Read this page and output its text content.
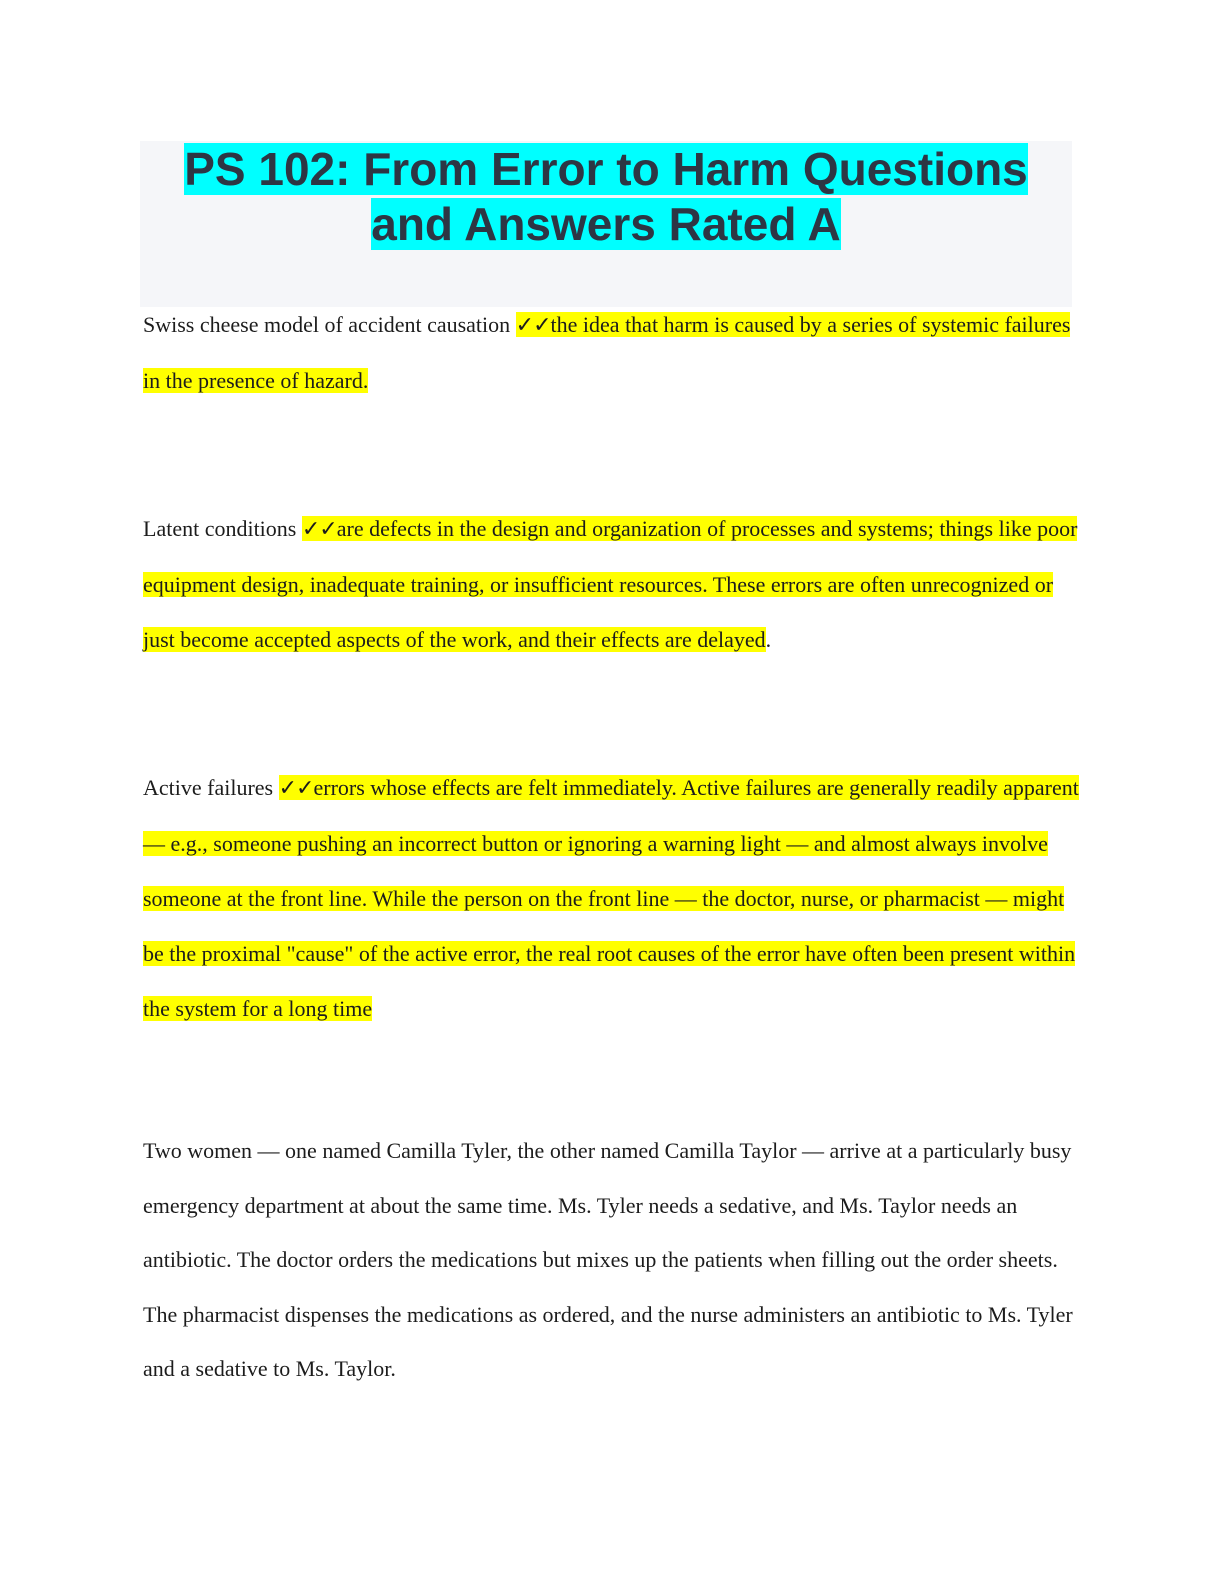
PS 102: From Error to Harm Questions
and Answers Rated A

Swiss cheese model of accident causation ✓✓the idea that harm is caused by a series of systemic failures in the presence of hazard.

Latent conditions ✓✓are defects in the design and organization of processes and systems; things like poor equipment design, inadequate training, or insufficient resources. These errors are often unrecognized or just become accepted aspects of the work, and their effects are delayed.

Active failures ✓✓errors whose effects are felt immediately. Active failures are generally readily apparent — e.g., someone pushing an incorrect button or ignoring a warning light — and almost always involve someone at the front line. While the person on the front line — the doctor, nurse, or pharmacist — might be the proximal "cause" of the active error, the real root causes of the error have often been present within the system for a long time

Two women — one named Camilla Tyler, the other named Camilla Taylor — arrive at a particularly busy emergency department at about the same time. Ms. Tyler needs a sedative, and Ms. Taylor needs an antibiotic. The doctor orders the medications but mixes up the patients when filling out the order sheets. The pharmacist dispenses the medications as ordered, and the nurse administers an antibiotic to Ms. Tyler and a sedative to Ms. Taylor.
